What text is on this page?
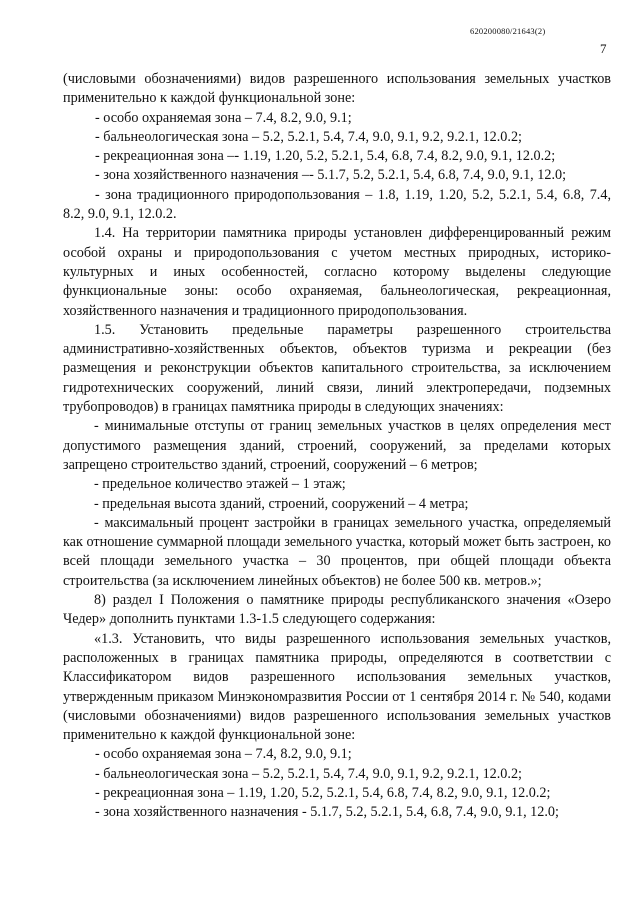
620200080/21643(2)
7

(числовыми обозначениями) видов разрешенного использования земельных участков применительно к каждой функциональной зоне:

- особо охраняемая зона – 7.4, 8.2, 9.0, 9.1;

- бальнеологическая зона – 5.2, 5.2.1, 5.4, 7.4, 9.0, 9.1, 9.2, 9.2.1, 12.0.2;

- рекреационная зона –- 1.19, 1.20, 5.2, 5.2.1, 5.4, 6.8, 7.4, 8.2, 9.0, 9.1, 12.0.2;

- зона хозяйственного назначения –- 5.1.7, 5.2, 5.2.1, 5.4, 6.8, 7.4, 9.0, 9.1, 12.0;

- зона традиционного природопользования – 1.8, 1.19, 1.20, 5.2, 5.2.1, 5.4, 6.8, 7.4, 8.2, 9.0, 9.1, 12.0.2.

1.4. На территории памятника природы установлен дифференцированный режим особой охраны и природопользования с учетом местных природных, историко-культурных и иных особенностей, согласно которому выделены следующие функциональные зоны: особо охраняемая, бальнеологическая, рекреационная, хозяйственного назначения и традиционного природопользования.

1.5. Установить предельные параметры разрешенного строительства административно-хозяйственных объектов, объектов туризма и рекреации (без размещения и реконструкции объектов капитального строительства, за исключением гидротехнических сооружений, линий связи, линий электропередачи, подземных трубопроводов) в границах памятника природы в следующих значениях:

- минимальные отступы от границ земельных участков в целях определения мест допустимого размещения зданий, строений, сооружений, за пределами которых запрещено строительство зданий, строений, сооружений – 6 метров;

- предельное количество этажей – 1 этаж;

- предельная высота зданий, строений, сооружений – 4 метра;

- максимальный процент застройки в границах земельного участка, определяемый как отношение суммарной площади земельного участка, который может быть застроен, ко всей площади земельного участка – 30 процентов, при общей площади объекта строительства (за исключением линейных объектов) не более 500 кв. метров.»;

8) раздел I Положения о памятнике природы республиканского значения «Озеро Чедер» дополнить пунктами 1.3-1.5 следующего содержания:

«1.3. Установить, что виды разрешенного использования земельных участков, расположенных в границах памятника природы, определяются в соответствии с Классификатором видов разрешенного использования земельных участков, утвержденным приказом Минэкономразвития России от 1 сентября 2014 г. № 540, кодами (числовыми обозначениями) видов разрешенного использования земельных участков применительно к каждой функциональной зоне:

- особо охраняемая зона – 7.4, 8.2, 9.0, 9.1;

- бальнеологическая зона – 5.2, 5.2.1, 5.4, 7.4, 9.0, 9.1, 9.2, 9.2.1, 12.0.2;

- рекреационная зона – 1.19, 1.20, 5.2, 5.2.1, 5.4, 6.8, 7.4, 8.2, 9.0, 9.1, 12.0.2;

- зона хозяйственного назначения - 5.1.7, 5.2, 5.2.1, 5.4, 6.8, 7.4, 9.0, 9.1, 12.0;
